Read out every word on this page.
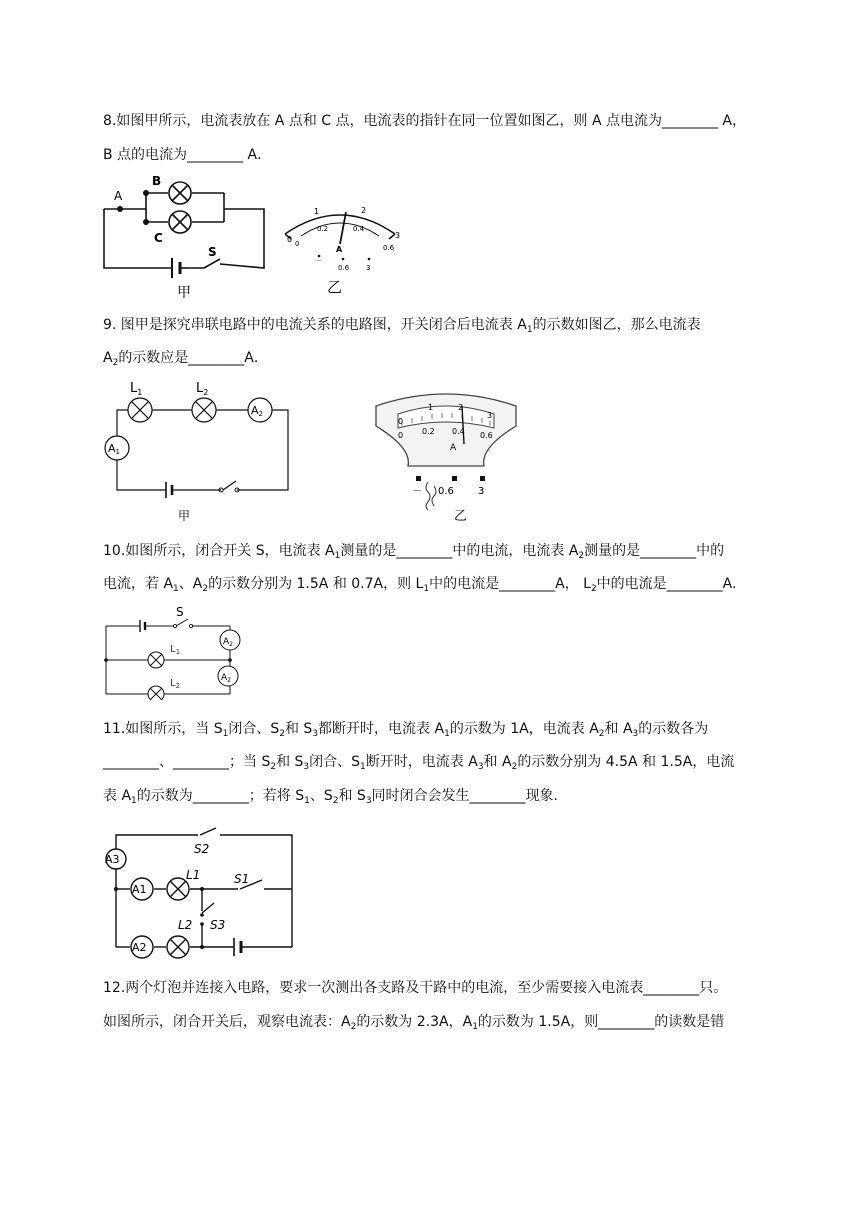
8.如图甲所示，电流表放在 A 点和 C 点，电流表的指针在同一位置如图乙，则 A 点电流为________ A，
B 点的电流为________ A．
A
B
C
S
甲
0
1	2
3
0
0.2	0.4
0.6
A
－
0.6 3
乙
9. 图甲是探究串联电路中的电流关系的电路图，开关闭合后电流表 $A_1$的示数如图乙，那么电流表
$A_2$的示数应是________A．
$L_1$	$L_2$
A2
A1
甲
0
1	2
3
0 0.2 0.4 0.6
A
－ 0.6 3
乙
10.如图所示，闭合开关 S，电流表 $A_1$测量的是________中的电流，电流表 $A_2$测量的是________中的
电流，若 $A_1$、$A_2$的示数分别为 1.5A 和 0.7A，则 $L_1$中的电流是________A， $L_2$中的电流是________A.
S
$L_1$
$L_2$
$A_2$
$A_2$
11.如图所示，当 $S_1$闭合、$S_2$和 $S_3$都断开时，电流表 $A_1$的示数为 1A，电流表 $A_2$和 $A_3$的示数各为
________、________；当 $S_2$和 $S_3$闭合、$S_1$断开时，电流表 $A_3$和 $A_2$的示数分别为 4.5A 和 1.5A，电流
表 $A_1$的示数为________；若将 $S_1$、$S_2$和 $S_3$同时闭合会发生________现象.
A3
A1
A2
S2
S1
S3
L1
L2
12.两个灯泡并连接入电路，要求一次测出各支路及干路中的电流，至少需要接入电流表________只。
如图所示，闭合开关后，观察电流表：$A_2$的示数为 2.3A，$A_1$的示数为 1.5A，则________的读数是错
